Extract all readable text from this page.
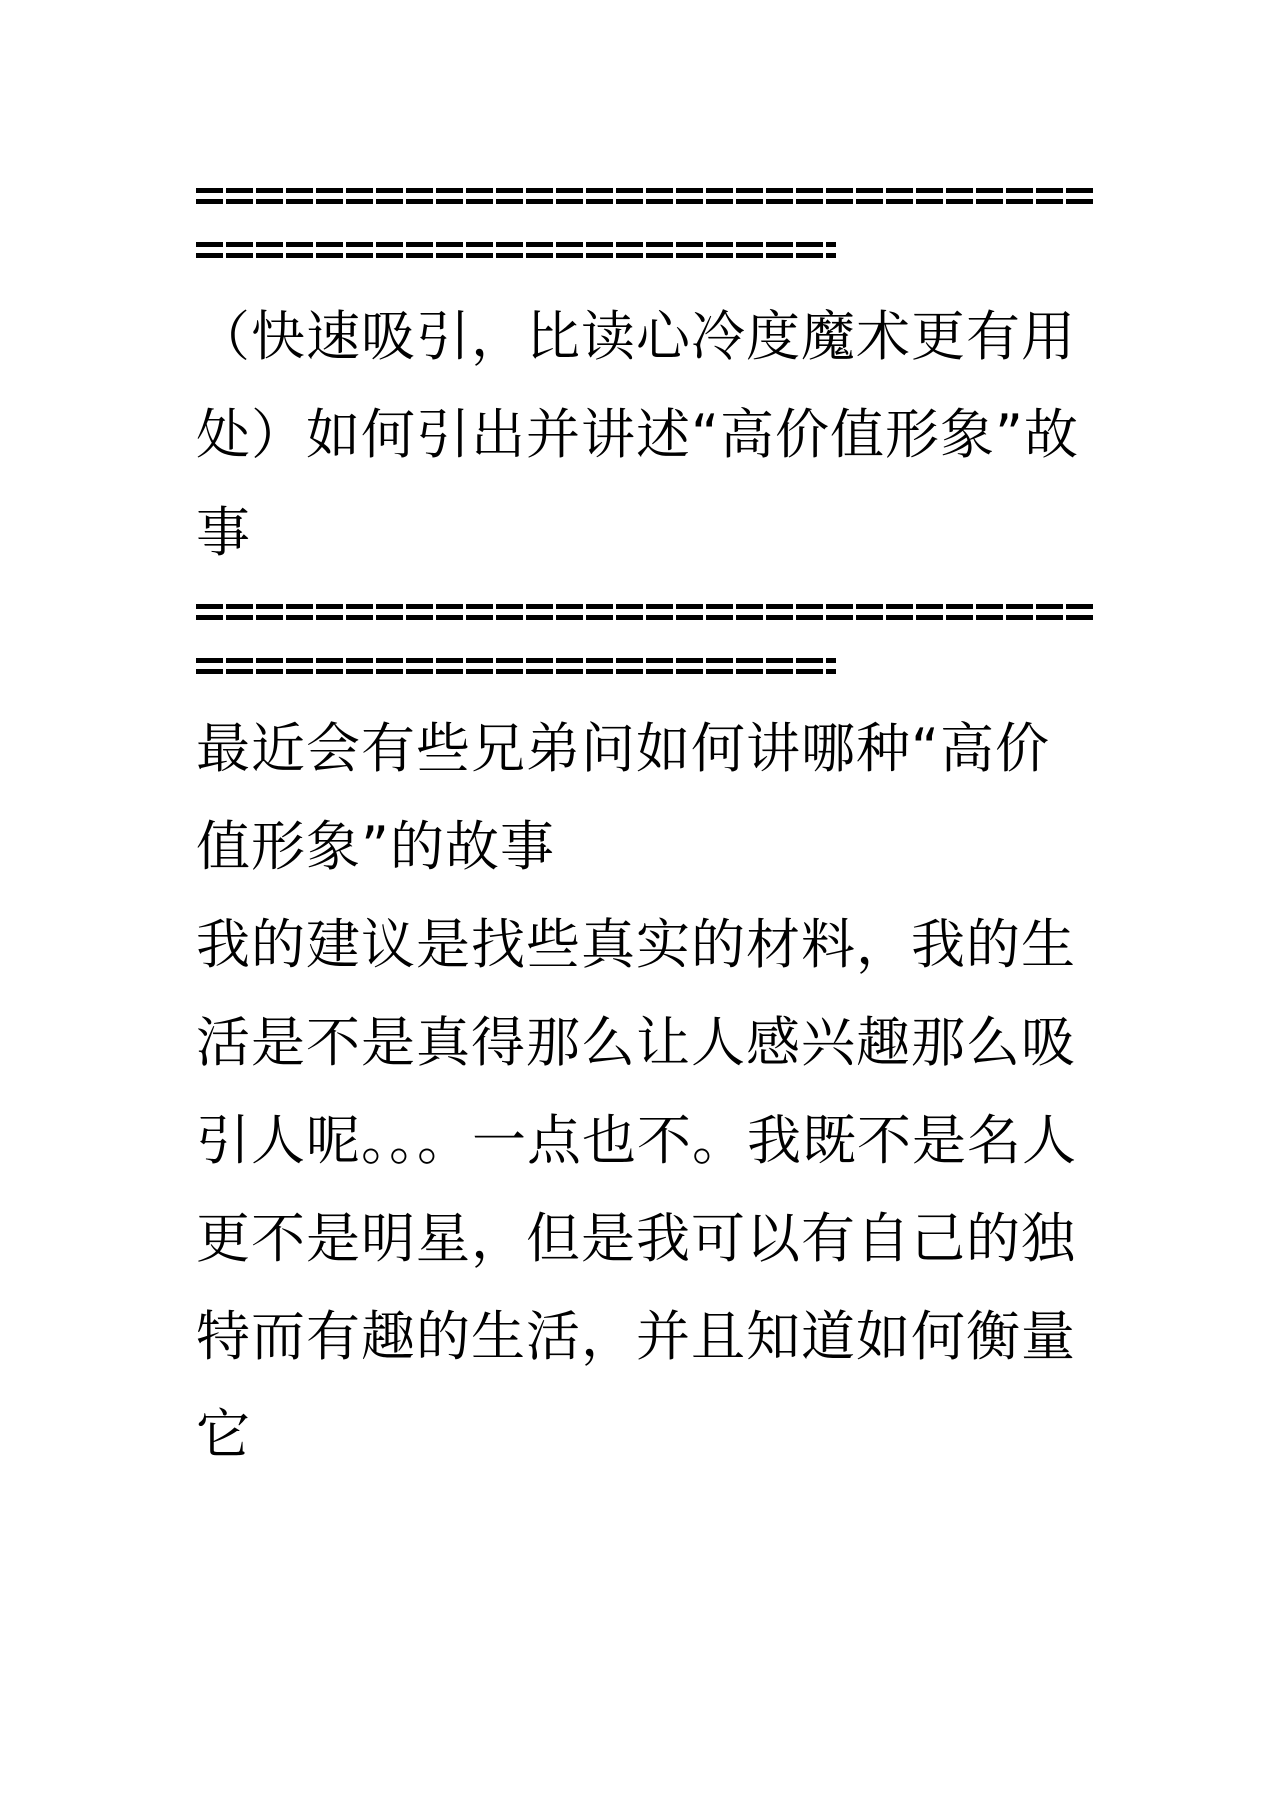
（快速吸引，比读心冷度魔术更有用处）如何引出并讲述“高价值形象”故事

最近会有些兄弟问如何讲哪种“高价值形象”的故事

我的建议是找些真实的材料，我的生活是不是真得那么让人感兴趣那么吸引人呢。。。一点也不。我既不是名人更不是明星，但是我可以有自己的独特而有趣的生活，并且知道如何衡量它
